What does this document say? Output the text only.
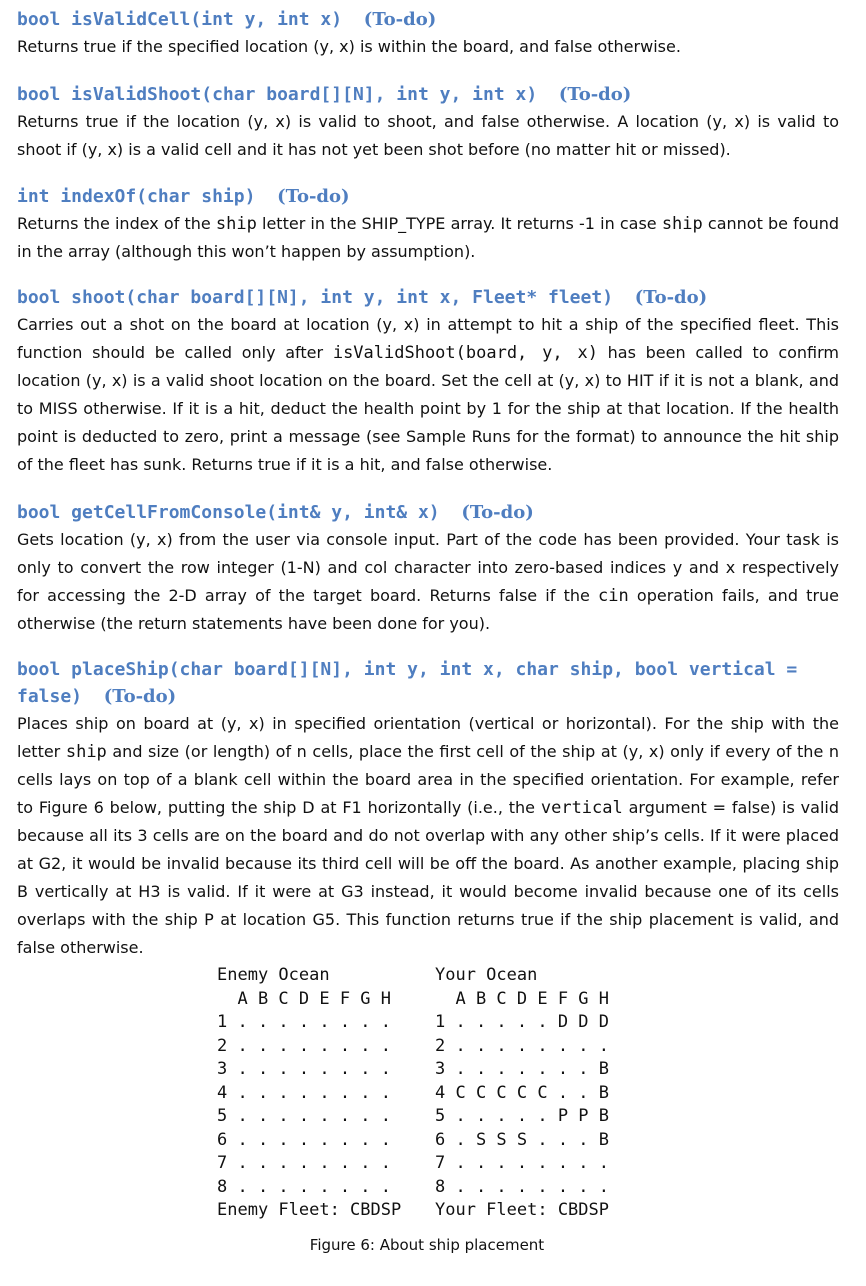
bool isValidCell(int y, int x) (To-do)

Returns true if the specified location (y, x) is within the board, and false otherwise.

bool isValidShoot(char board[][N], int y, int x) (To-do)

Returns true if the location (y, x) is valid to shoot, and false otherwise. A location (y, x) is valid to shoot if (y, x) is a valid cell and it has not yet been shot before (no matter hit or missed).

int indexOf(char ship) (To-do)

Returns the index of the ship letter in the SHIP_TYPE array. It returns -1 in case ship cannot be found in the array (although this won’t happen by assumption).

bool shoot(char board[][N], int y, int x, Fleet* fleet) (To-do)

Carries out a shot on the board at location (y, x) in attempt to hit a ship of the specified fleet. This function should be called only after isValidShoot(board, y, x) has been called to confirm location (y, x) is a valid shoot location on the board. Set the cell at (y, x) to HIT if it is not a blank, and to MISS otherwise. If it is a hit, deduct the health point by 1 for the ship at that location. If the health point is deducted to zero, print a message (see Sample Runs for the format) to announce the hit ship of the fleet has sunk. Returns true if it is a hit, and false otherwise.

bool getCellFromConsole(int& y, int& x) (To-do)

Gets location (y, x) from the user via console input. Part of the code has been provided. Your task is only to convert the row integer (1-N) and col character into zero-based indices y and x respectively for accessing the 2-D array of the target board. Returns false if the cin operation fails, and true otherwise (the return statements have been done for you).

bool placeShip(char board[][N], int y, int x, char ship, bool vertical = false) (To-do)

Places ship on board at (y, x) in specified orientation (vertical or horizontal). For the ship with the letter ship and size (or length) of n cells, place the first cell of the ship at (y, x) only if every of the n cells lays on top of a blank cell within the board area in the specified orientation. For example, refer to Figure 6 below, putting the ship D at F1 horizontally (i.e., the vertical argument = false) is valid because all its 3 cells are on the board and do not overlap with any other ship’s cells. If it were placed at G2, it would be invalid because its third cell will be off the board. As another example, placing ship B vertically at H3 is valid. If it were at G3 instead, it would become invalid because one of its cells overlaps with the ship P at location G5. This function returns true if the ship placement is valid, and false otherwise.

Enemy Ocean
A B C D E F G H
1 . . . . . . . .
2 . . . . . . . .
3 . . . . . . . .
4 . . . . . . . .
5 . . . . . . . .
6 . . . . . . . .
7 . . . . . . . .
8 . . . . . . . .
Enemy Fleet: CBDSP
Your Ocean
A B C D E F G H
1 . . . . . D D D
2 . . . . . . . .
3 . . . . . . . B
4 C C C C C . . B
5 . . . . . P P B
6 . S S S . . . B
7 . . . . . . . .
8 . . . . . . . .
Your Fleet: CBDSP
Figure 6: About ship placement
